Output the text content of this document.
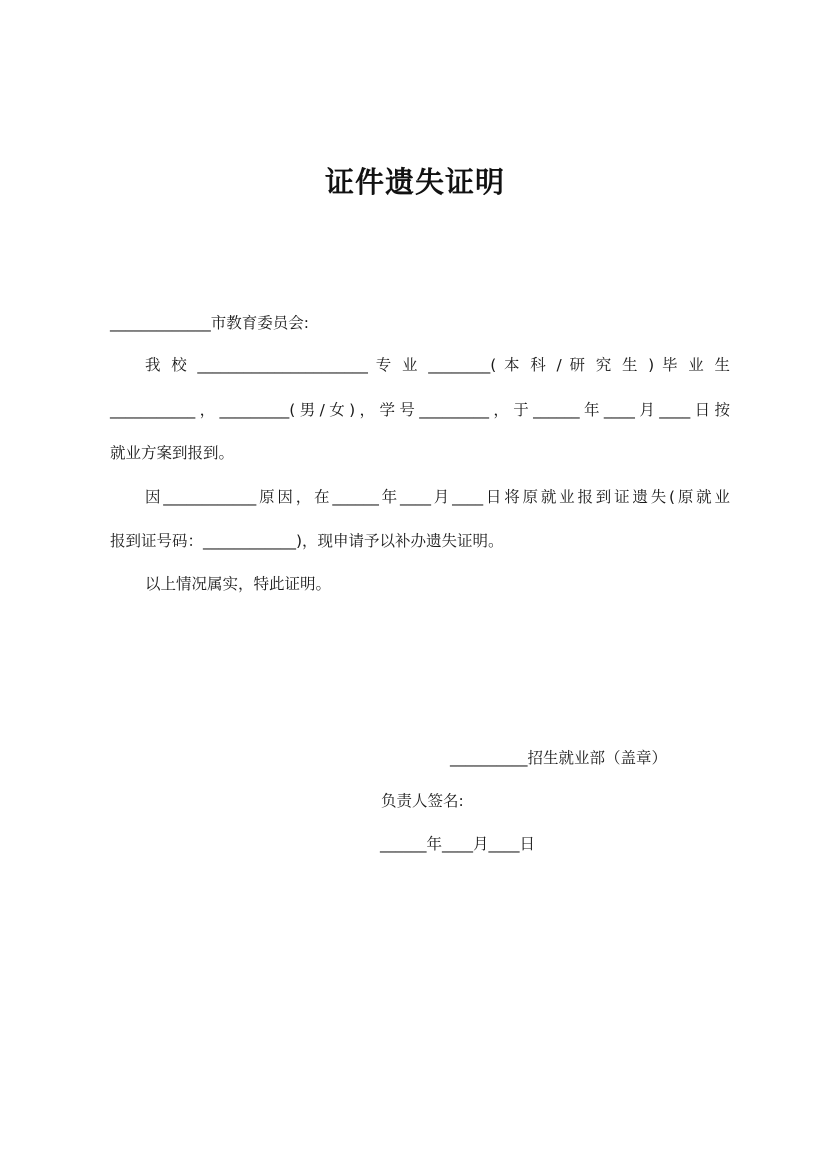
证件遗失证明
_____________市教育委员会:
我 校 ______________________ 专 业 ________( 本 科 / 研 究 生 ) 毕 业 生
___________，_________(男/女)，学号_________，于______年____月____日按
就业方案到报到。
因____________原因，在______年____月____日将原就业报到证遗失(原就业
报到证号码：____________)，现申请予以补办遗失证明。
以上情况属实，特此证明。
__________招生就业部（盖章）
负责人签名:
______年____月____日
